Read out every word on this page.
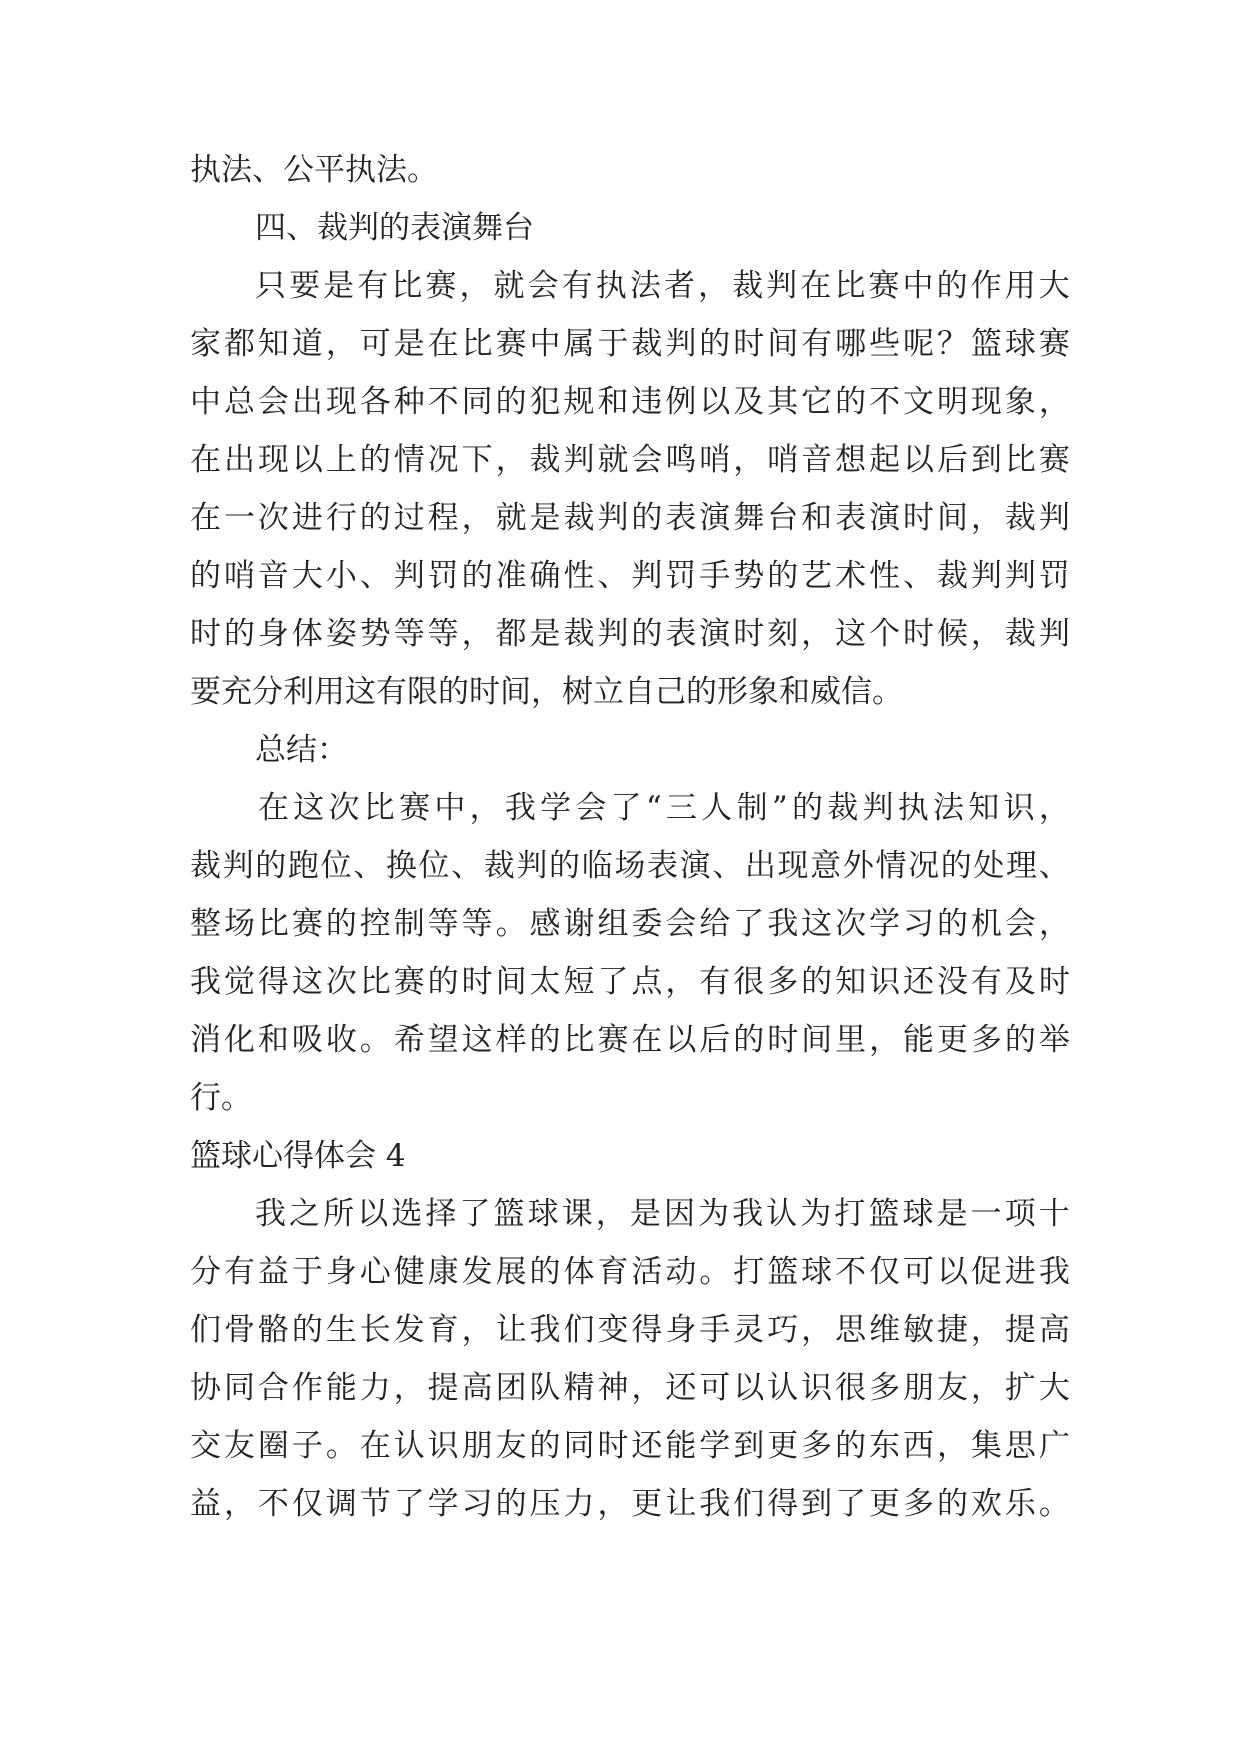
执法、公平执法。
四、裁判的表演舞台
只 要 是 有 比 赛 ， 就 会 有 执 法 者 ， 裁 判 在 比 赛 中 的 作 用 大
家 都 知 道 ， 可 是 在 比 赛 中 属 于 裁 判 的 时 间 有 哪 些 呢 ？ 篮 球 赛
中 总 会 出 现 各 种 不 同 的 犯 规 和 违 例 以 及 其 它 的 不 文 明 现 象 ，
在 出 现 以 上 的 情 况 下 ， 裁 判 就 会 鸣 哨 ， 哨 音 想 起 以 后 到 比 赛
在 一 次 进 行 的 过 程 ， 就 是 裁 判 的 表 演 舞 台 和 表 演 时 间 ， 裁 判
的 哨 音 大 小 、 判 罚 的 准 确 性 、 判 罚 手 势 的 艺 术 性 、 裁 判 判 罚
时 的 身 体 姿 势 等 等 ， 都 是 裁 判 的 表 演 时 刻 ， 这 个 时 候 ， 裁 判
要充分利用这有限的时间，树立自己的形象和威信。
总结：
在 这 次 比 赛 中 ， 我 学 会 了 “ 三 人 制 ” 的 裁 判 执 法 知 识 ，
裁 判 的 跑 位 、 换 位 、 裁 判 的 临 场 表 演 、 出 现 意 外 情 况 的 处 理 、
整 场 比 赛 的 控 制 等 等 。 感 谢 组 委 会 给 了 我 这 次 学 习 的 机 会 ，
我 觉 得 这 次 比 赛 的 时 间 太 短 了 点 ， 有 很 多 的 知 识 还 没 有 及 时
消 化 和 吸 收 。 希 望 这 样 的 比 赛 在 以 后 的 时 间 里 ， 能 更 多 的 举
行。
篮球心得体会 4
我 之 所 以 选 择 了 篮 球 课 ， 是 因 为 我 认 为 打 篮 球 是 一 项 十
分 有 益 于 身 心 健 康 发 展 的 体 育 活 动 。 打 篮 球 不 仅 可 以 促 进 我
们 骨 骼 的 生 长 发 育 ， 让 我 们 变 得 身 手 灵 巧 ， 思 维 敏 捷 ， 提 高
协 同 合 作 能 力 ， 提 高 团 队 精 神 ， 还 可 以 认 识 很 多 朋 友 ， 扩 大
交 友 圈 子 。 在 认 识 朋 友 的 同 时 还 能 学 到 更 多 的 东 西 ， 集 思 广
益 ， 不 仅 调 节 了 学 习 的 压 力 ， 更 让 我 们 得 到 了 更 多 的 欢 乐 。
